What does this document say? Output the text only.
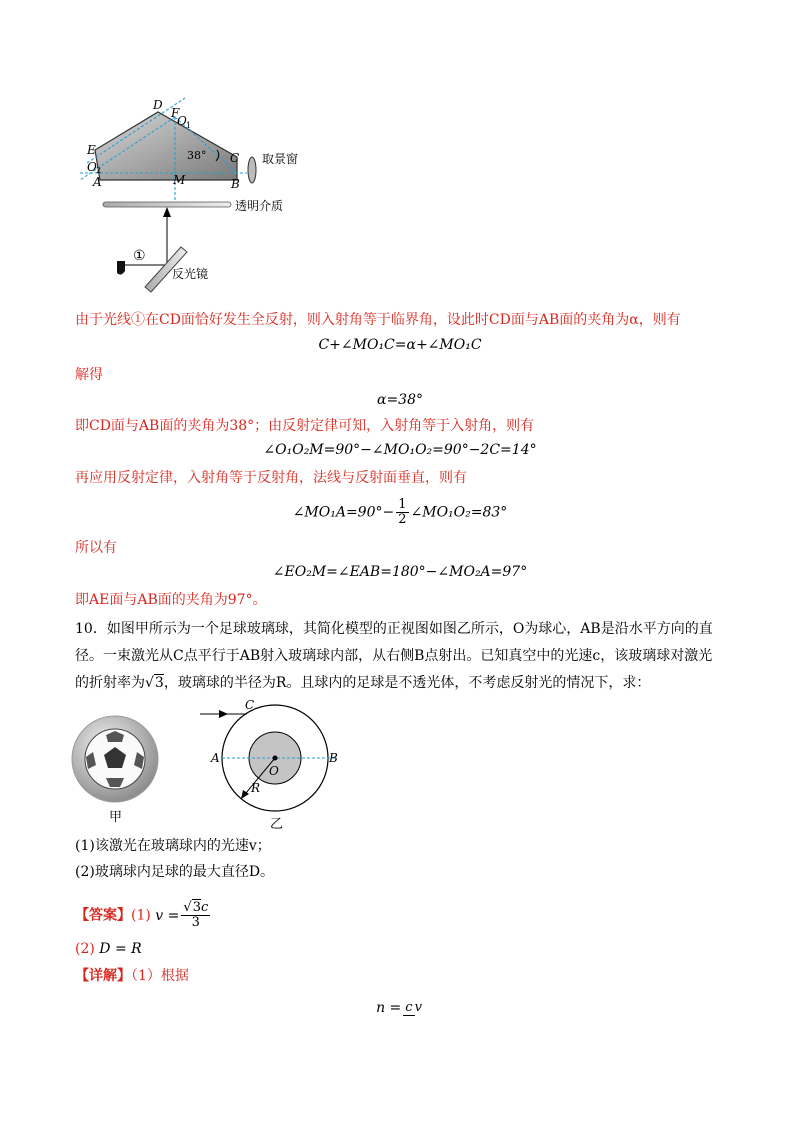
D
F
O 1
E
O 2
A	M	B
C
38°
①
取景窗
透明介质
反光镜
由于光线①在CD面恰好发生全反射，则入射角等于临界角，设此时CD面与AB面的夹角为α，则有
C+∠MO₁C=α+∠MO₁C
解得
α=38°
即CD面与AB面的夹角为38°；由反射定律可知，入射角等于入射角，则有
∠O₁O₂M=90°−∠MO₁O₂=90°−2C=14°
再应用反射定律，入射角等于反射角，法线与反射面垂直，则有
∠MO₁A=90°− $\frac{1}{2}$ ∠MO₁O₂=83°
所以有
∠EO₂M=∠EAB=180°−∠MO₂A=97°
即AE面与AB面的夹角为97°。
10．如图甲所示为一个足球玻璃球，其简化模型的正视图如图乙所示，O为球心，AB是沿水平方向的直
径。一束激光从C点平行于AB射入玻璃球内部，从右侧B点射出。已知真空中的光速c，该玻璃球对激光
的折射率为√3，玻璃球的半径为R。且球内的足球是不透光体，不考虑反射光的情况下，求：
甲
C
A	B
O
R
乙
(1)该激光在玻璃球内的光速v；
(2)玻璃球内足球的最大直径D。
【答案】(1) $v = \frac{√3c}{3}$
(2) D = R
【详解】（1）根据
n = c v
